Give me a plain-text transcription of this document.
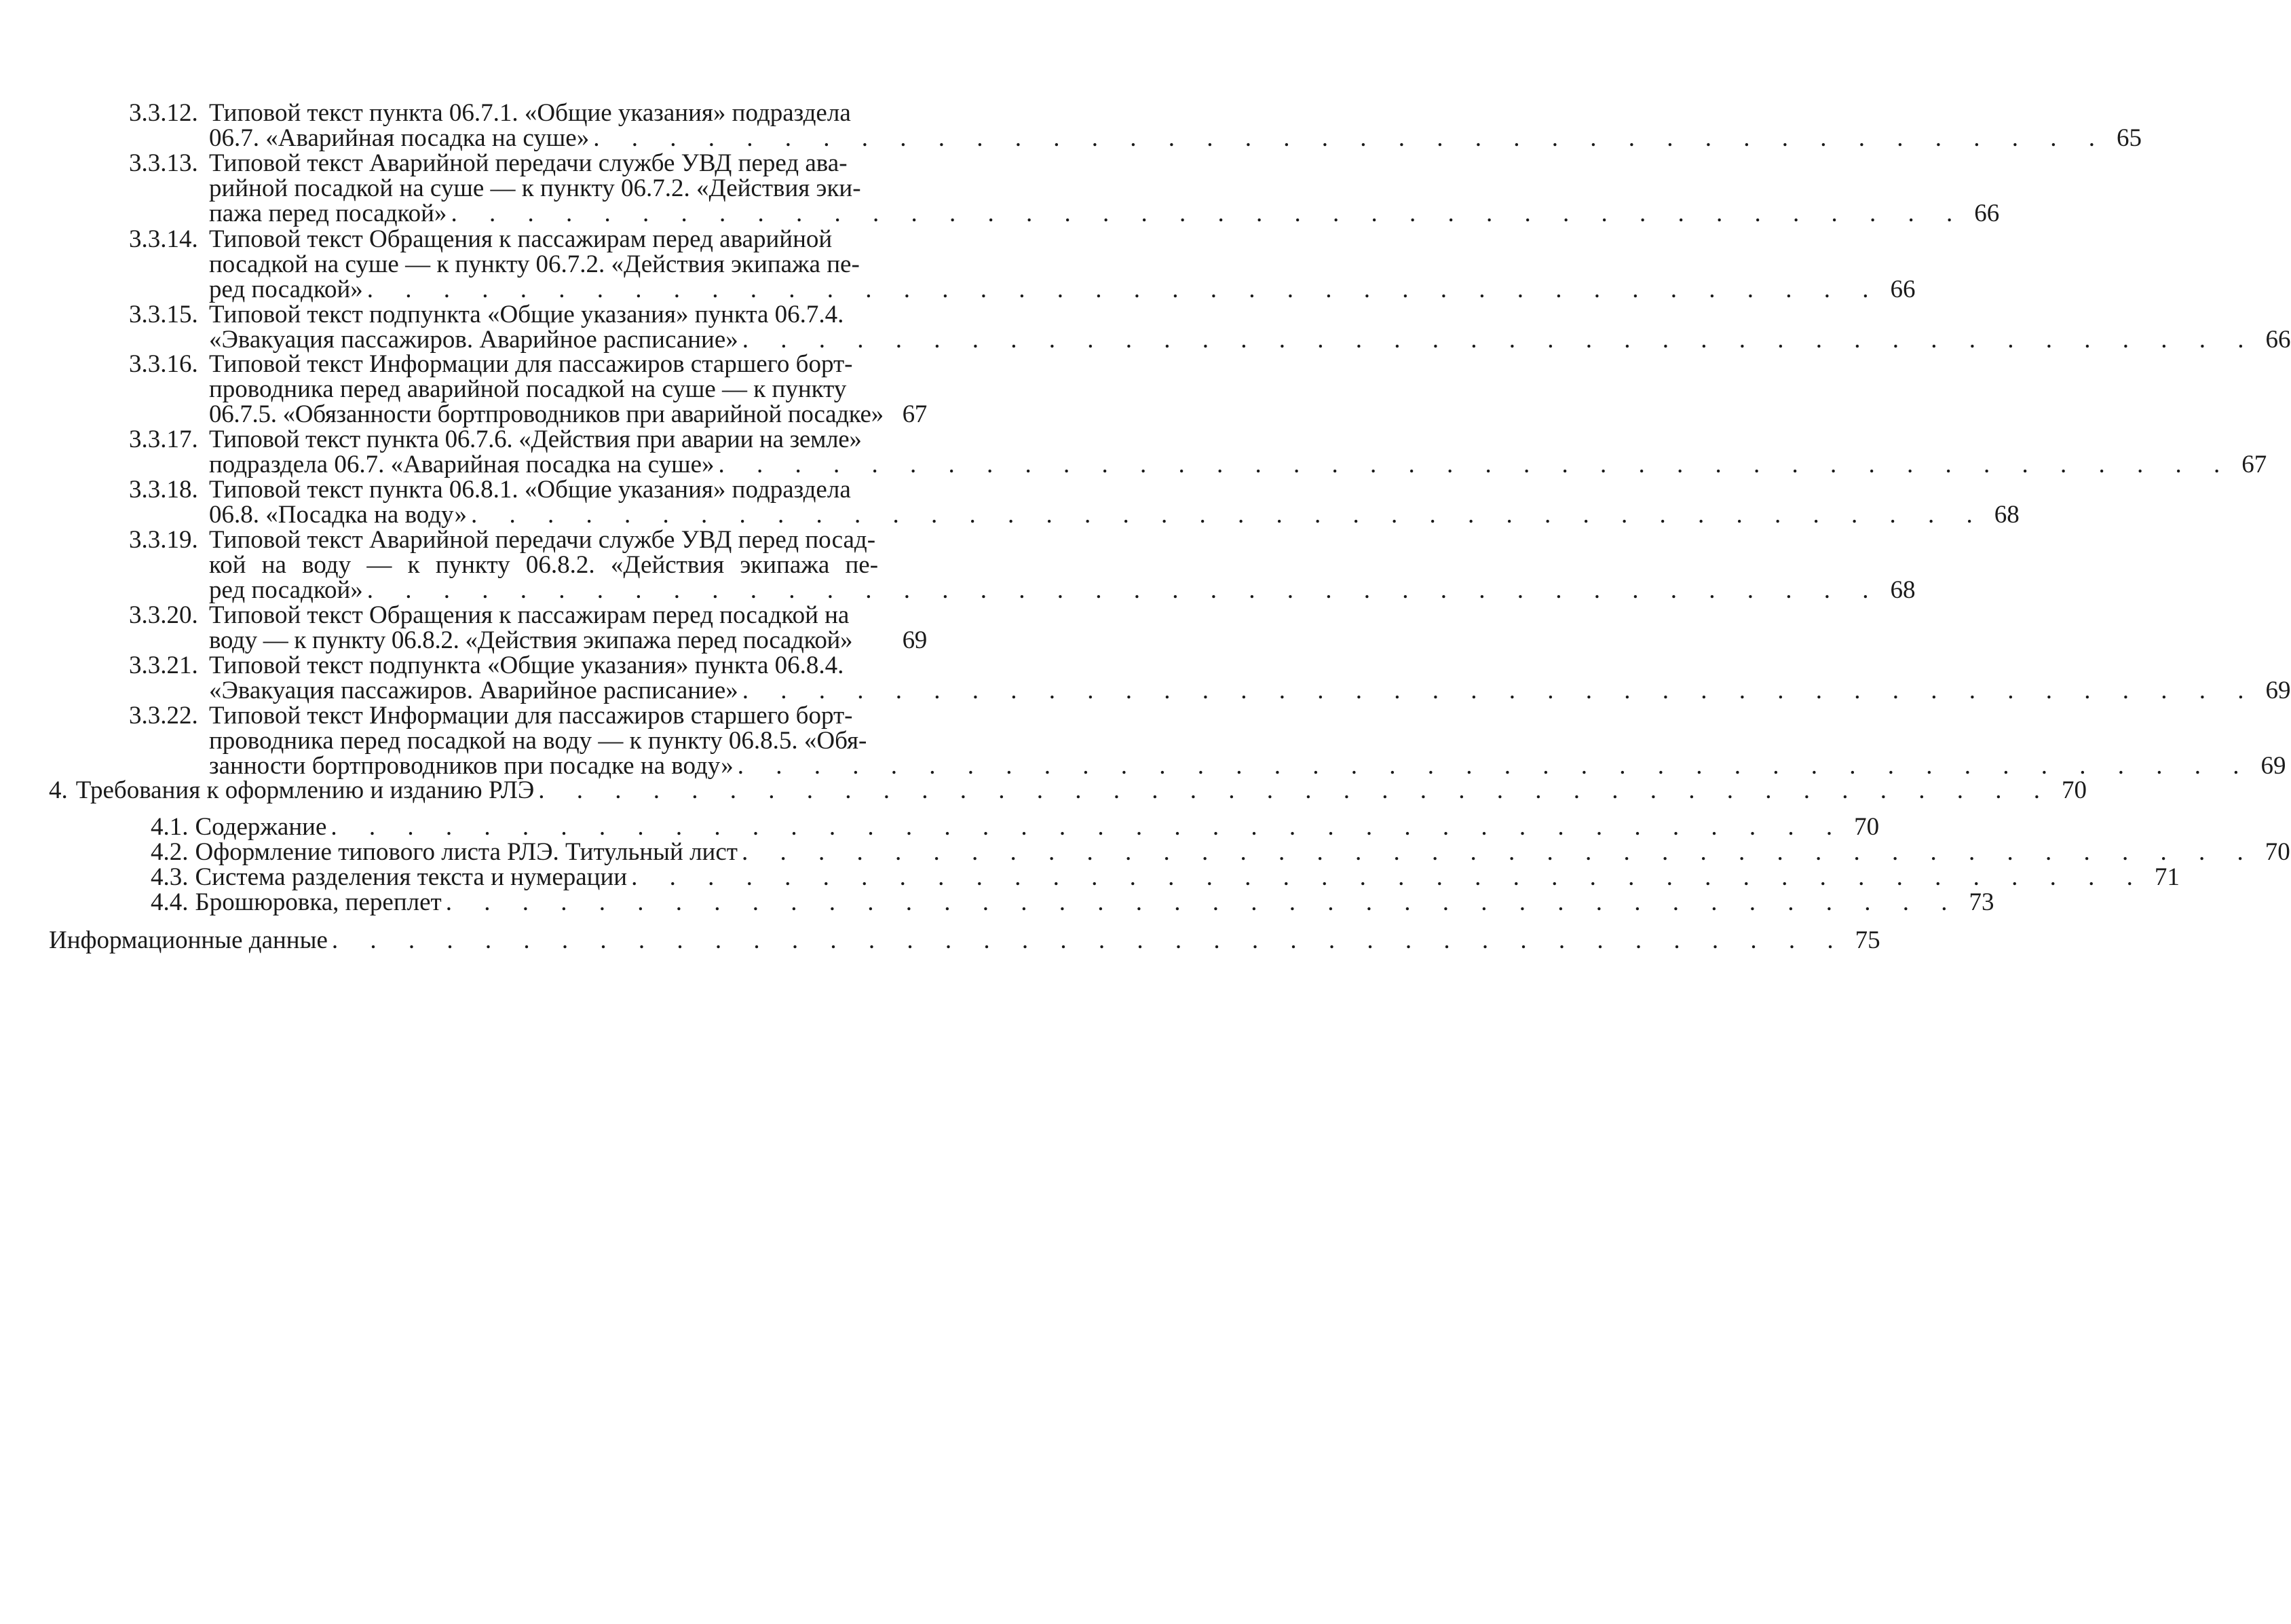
3.3.12. Типовой текст пункта 06.7.1. «Общие указания» подраздела
06.7. «Аварийная посадка на суше» . . . . . . . . . . . . . . . . . . . . . . . . . . . . . . . . . . . . . . . . 65
3.3.13. Типовой текст Аварийной передачи службе УВД перед ава-
рийной посадкой на суше — к пункту 06.7.2. «Действия эки-
пажа перед посадкой» . . . . . . . . . . . . . . . . . . . . . . . . . . . . . . . . . . . . . . . . 66
3.3.14. Типовой текст Обращения к пассажирам перед аварийной
посадкой на суше — к пункту 06.7.2. «Действия экипажа пе-
ред посадкой» . . . . . . . . . . . . . . . . . . . . . . . . . . . . . . . . . . . . . . . . 66
3.3.15. Типовой текст подпункта «Общие указания» пункта 06.7.4.
«Эвакуация пассажиров. Аварийное расписание» . . . . . . . . . . . . . . . . . . . . . . . . . . . . . . . . . . . . . . . . 66
3.3.16. Типовой текст Информации для пассажиров старшего борт-
проводника перед аварийной посадкой на суше — к пункту
06.7.5. «Обязанности бортпроводников при аварийной посадке» 67
3.3.17. Типовой текст пункта 06.7.6. «Действия при аварии на земле»
подраздела 06.7. «Аварийная посадка на суше» . . . . . . . . . . . . . . . . . . . . . . . . . . . . . . . . . . . . . . . . 67
3.3.18. Типовой текст пункта 06.8.1. «Общие указания» подраздела
06.8. «Посадка на воду» . . . . . . . . . . . . . . . . . . . . . . . . . . . . . . . . . . . . . . . . 68
3.3.19. Типовой текст Аварийной передачи службе УВД перед посад-
кой на воду — к пункту 06.8.2. «Действия экипажа пе-
ред посадкой» . . . . . . . . . . . . . . . . . . . . . . . . . . . . . . . . . . . . . . . . 68
3.3.20. Типовой текст Обращения к пассажирам перед посадкой на
воду — к пункту 06.8.2. «Действия экипажа перед посадкой» 69
3.3.21. Типовой текст подпункта «Общие указания» пункта 06.8.4.
«Эвакуация пассажиров. Аварийное расписание» . . . . . . . . . . . . . . . . . . . . . . . . . . . . . . . . . . . . . . . . 69
3.3.22. Типовой текст Информации для пассажиров старшего борт-
проводника перед посадкой на воду — к пункту 06.8.5. «Обя-
занности бортпроводников при посадке на воду» . . . . . . . . . . . . . . . . . . . . . . . . . . . . . . . . . . . . . . . . 69
4. Требования к оформлению и изданию РЛЭ . . . . . . . . . . . . . . . . . . . . . . . . . . . . . . . . . . . . . . . . 70
4.1. Содержание . . . . . . . . . . . . . . . . . . . . . . . . . . . . . . . . . . . . . . . . 70
4.2. Оформление типового листа РЛЭ. Титульный лист . . . . . . . . . . . . . . . . . . . . . . . . . . . . . . . . . . . . . . . . 70
4.3. Система разделения текста и нумерации . . . . . . . . . . . . . . . . . . . . . . . . . . . . . . . . . . . . . . . . 71
4.4. Брошюровка, переплет . . . . . . . . . . . . . . . . . . . . . . . . . . . . . . . . . . . . . . . . 73
Информационные данные . . . . . . . . . . . . . . . . . . . . . . . . . . . . . . . . . . . . . . . . 75
